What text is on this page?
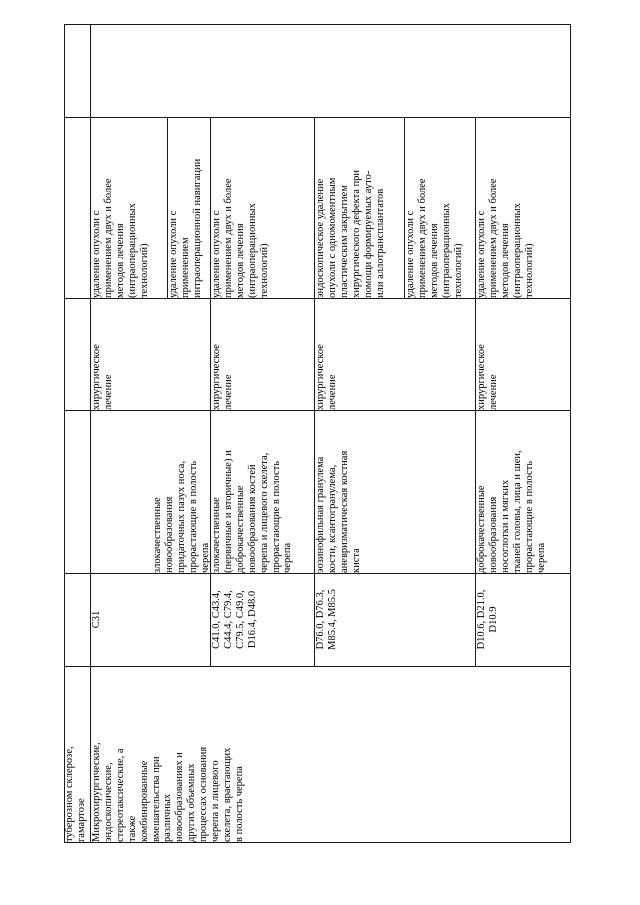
туберозном склерозе,
гамартозе Микрохирургические,
эндоскопические,
стереотаксические, а
также
комбинированные
вмешательства при
различных
новообразованиях и
других объемных
процессах основания
черепа и лицевого
скелета, врастающих
в полость черепа
C31
злокачественные
новообразования
придаточных пазух носа,
прорастающие в полость
черепа
хирургическое
лечение
удаление опухоли с
применением двух и более
методов лечения
(интраоперационных
технологий)	удаление опухоли с
применением
интраоперационной навигации
C41.0, C43.4,
C44.4, C79.4,
C79.5, C49.0,
D16.4, D48.0
злокачественные
(первичные и вторичные) и
доброкачественные
новообразования костей
черепа и лицевого скелета,
прорастающие в полость
черепа
хирургическое
лечение
удаление опухоли с
применением двух и более
методов лечения
(интраоперационных
технологий)
D76.0, D76.3,
M85.4, M85.5
эозинофильная гранулема
кости, ксантогранулема,
аневризматическая костная
киста
хирургическое
лечение
эндоскопическое удаление
опухоли с одномоментным
пластическим закрытием
хирургического дефекта при
помощи формируемых ауто-
или аллотрансплантатов	удаление опухоли с
применением двух и более
методов лечения
(интраоперационных
технологий)
D10.6, D21.0,
D10.9
доброкачественные
новообразования
носоглотки и мягких
тканей головы, лица и шеи,
прорастающие в полость
черепа
хирургическое
лечение
удаление опухоли с
применением двух и более
методов лечения
(интраоперационных
технологий)
